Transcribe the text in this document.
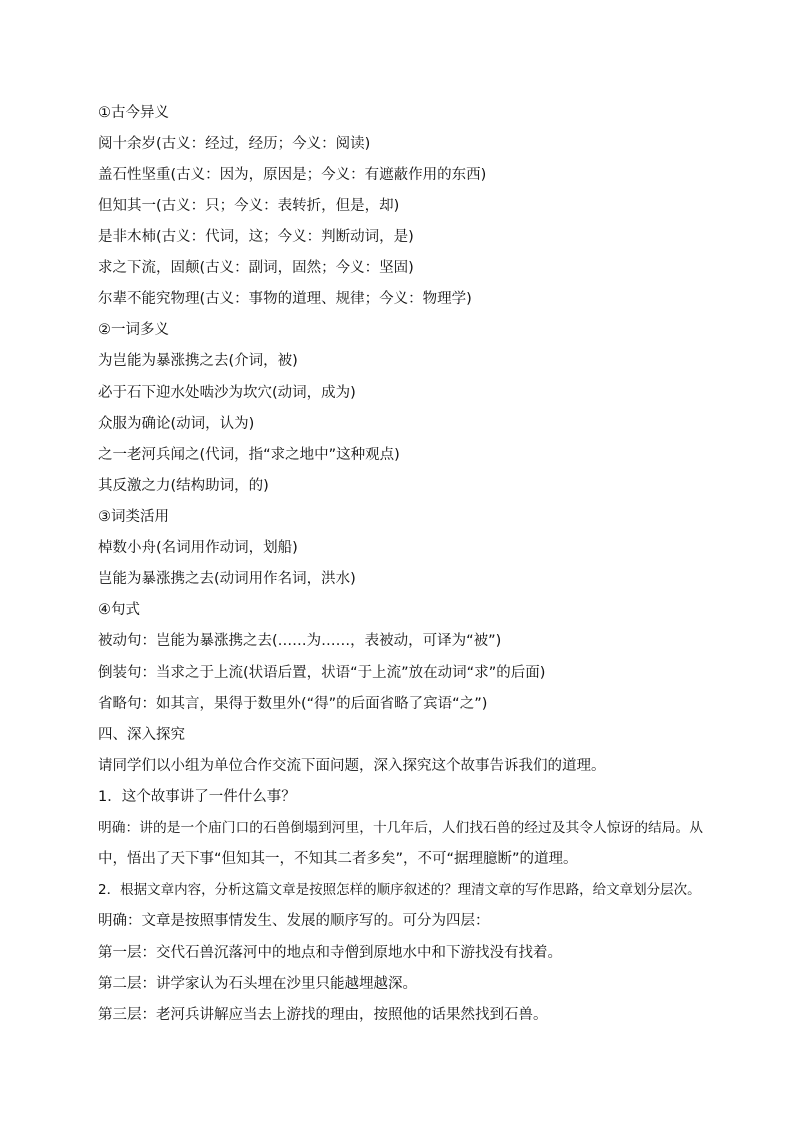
①古今异义
阅十余岁(古义：经过，经历；今义：阅读)
盖石性坚重(古义：因为，原因是；今义：有遮蔽作用的东西)
但知其一(古义：只；今义：表转折，但是，却)
是非木杮(古义：代词，这；今义：判断动词，是)
求之下流，固颠(古义：副词，固然；今义：坚固)
尔辈不能究物理(古义：事物的道理、规律；今义：物理学)
②一词多义
为岂能为暴涨携之去(介词，被)
必于石下迎水处啮沙为坎穴(动词，成为)
众服为确论(动词，认为)
之一老河兵闻之(代词，指“求之地中”这种观点)
其反激之力(结构助词，的)
③词类活用
棹数小舟(名词用作动词，划船)
岂能为暴涨携之去(动词用作名词，洪水)
④句式
被动句：岂能为暴涨携之去(……为……，表被动，可译为“被”)
倒装句：当求之于上流(状语后置，状语“于上流”放在动词“求”的后面)
省略句：如其言，果得于数里外(“得”的后面省略了宾语“之”)
四、深入探究
请同学们以小组为单位合作交流下面问题，深入探究这个故事告诉我们的道理。
1．这个故事讲了一件什么事？
明确：讲的是一个庙门口的石兽倒塌到河里，十几年后，人们找石兽的经过及其令人惊讶的结局。从
中，悟出了天下事“但知其一，不知其二者多矣”，不可“据理臆断”的道理。
2．根据文章内容，分析这篇文章是按照怎样的顺序叙述的？理清文章的写作思路，给文章划分层次。
明确：文章是按照事情发生、发展的顺序写的。可分为四层：
第一层：交代石兽沉落河中的地点和寺僧到原地水中和下游找没有找着。
第二层：讲学家认为石头埋在沙里只能越埋越深。
第三层：老河兵讲解应当去上游找的理由，按照他的话果然找到石兽。
